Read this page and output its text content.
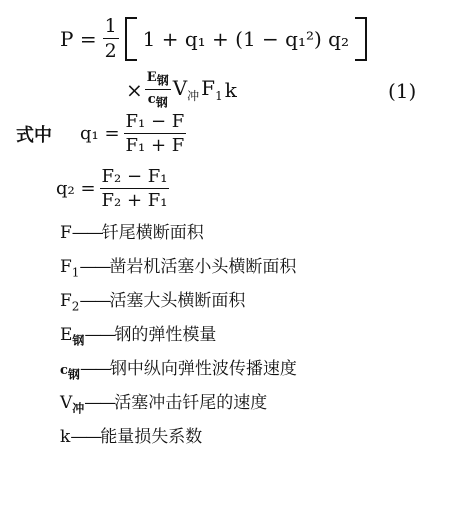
$P = \frac{1}{2} 1 + q_1 + (1 - q_1^2)$ q₂
× $\frac{E_钢}{c_钢} V_冲$ $F_1$ k	(1)
式中 $q_1 = \frac{\text{F₁ − F}}{\text{F₁ + F}}$
$q_2 = \frac{\text{F₂ − F₁}}{\text{F₂ + F₁}}$
F——钎尾横断面积
$F_1——$凿岩机活塞小头横断面积
$F_2——$活塞大头横断面积
$E_钢——$钢的弹性模量
$c_钢——$钢中纵向弹性波传播速度
$V_冲——$活塞冲击钎尾的速度
k——能量损失系数
